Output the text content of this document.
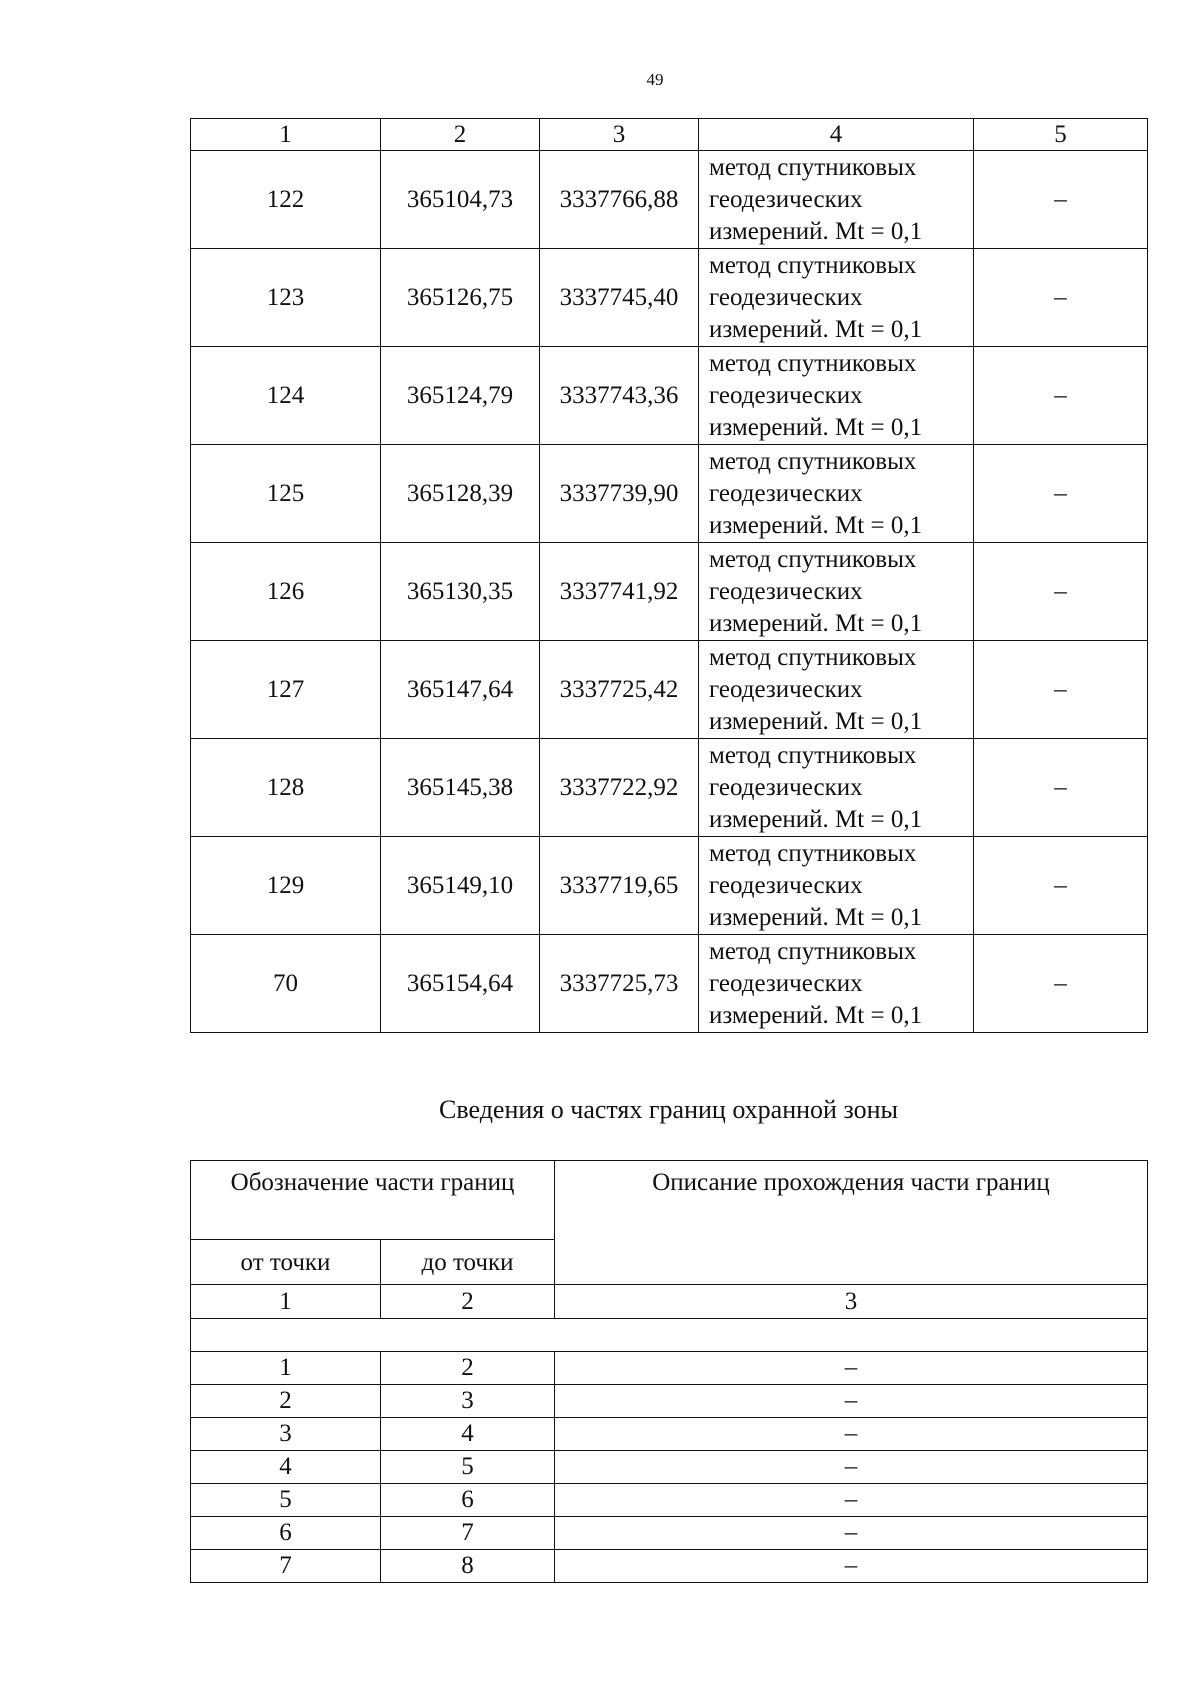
49
1	2	3	4	5
122	365104,73	3337766,88	метод спутниковых
геодезических
измерений. Mt = 0,1	–
123	365126,75	3337745,40	метод спутниковых
геодезических
измерений. Mt = 0,1	–
124	365124,79	3337743,36	метод спутниковых
геодезических
измерений. Mt = 0,1	–
125	365128,39	3337739,90	метод спутниковых
геодезических
измерений. Mt = 0,1	–
126	365130,35	3337741,92	метод спутниковых
геодезических
измерений. Mt = 0,1	–
127	365147,64	3337725,42	метод спутниковых
геодезических
измерений. Mt = 0,1	–
128	365145,38	3337722,92	метод спутниковых
геодезических
измерений. Mt = 0,1	–
129	365149,10	3337719,65	метод спутниковых
геодезических
измерений. Mt = 0,1	–
70	365154,64	3337725,73	метод спутниковых
геодезических
измерений. Mt = 0,1	–
Сведения о частях границ охранной зоны
Обозначение части границ		Описание прохождения части границ
от точки	до точки	
1	2	3

1	2	–
2	3	–
3	4	–
4	5	–
5	6	–
6	7	–
7	8	–
